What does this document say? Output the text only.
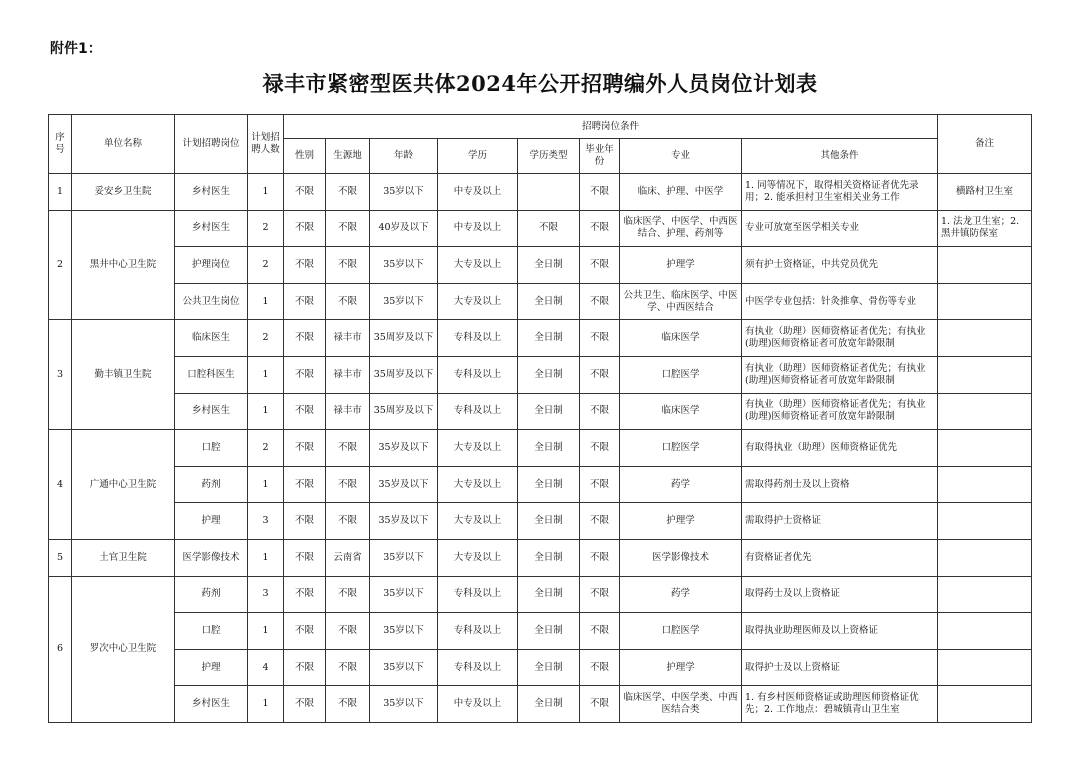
附件1：
禄丰市紧密型医共体2024年公开招聘编外人员岗位计划表
序号	单位名称	计划招聘岗位	计划招聘人数	招聘岗位条件								备注
				性别	生源地	年龄	学历	学历类型	毕业年份	专业	其他条件	
1	妥安乡卫生院	乡村医生	1	不限	不限	35岁以下	中专及以上		不限	临床、护理、中医学	1. 同等情况下，取得相关资格证者优先录用；2. 能承担村卫生室相关业务工作	横路村卫生室
2	黑井中心卫生院	乡村医生	2	不限	不限	40岁及以下	中专及以上	不限	不限	临床医学、中医学、中西医结合、护理、药剂等	专业可放宽至医学相关专业	1. 法龙卫生室；2. 黑井镇防保室
		护理岗位	2	不限	不限	35岁以下	大专及以上	全日制	不限	护理学	须有护士资格证，中共党员优先	
		公共卫生岗位	1	不限	不限	35岁以下	大专及以上	全日制	不限	公共卫生、临床医学、中医学、中西医结合	中医学专业包括：针灸推拿、骨伤等专业	
3	勤丰镇卫生院	临床医生	2	不限	禄丰市	35周岁及以下	专科及以上	全日制	不限	临床医学	有执业（助理）医师资格证者优先；有执业(助理)医师资格证者可放宽年龄限制	
		口腔科医生	1	不限	禄丰市	35周岁及以下	专科及以上	全日制	不限	口腔医学	有执业（助理）医师资格证者优先；有执业(助理)医师资格证者可放宽年龄限制	
		乡村医生	1	不限	禄丰市	35周岁及以下	专科及以上	全日制	不限	临床医学	有执业（助理）医师资格证者优先；有执业(助理)医师资格证者可放宽年龄限制	
4	广通中心卫生院	口腔	2	不限	不限	35岁及以下	大专及以上	全日制	不限	口腔医学	有取得执业（助理）医师资格证优先	
		药剂	1	不限	不限	35岁及以下	大专及以上	全日制	不限	药学	需取得药剂士及以上资格	
		护理	3	不限	不限	35岁及以下	大专及以上	全日制	不限	护理学	需取得护士资格证	
5	土官卫生院	医学影像技术	1	不限	云南省	35岁以下	大专及以上	全日制	不限	医学影像技术	有资格证者优先	
6	罗次中心卫生院	药剂	3	不限	不限	35岁以下	专科及以上	全日制	不限	药学	取得药士及以上资格证	
		口腔	1	不限	不限	35岁以下	专科及以上	全日制	不限	口腔医学	取得执业助理医师及以上资格证	
		护理	4	不限	不限	35岁以下	专科及以上	全日制	不限	护理学	取得护士及以上资格证	
		乡村医生	1	不限	不限	35岁以下	中专及以上	全日制	不限	临床医学、中医学类、中西医结合类	1. 有乡村医师资格证或助理医师资格证优先；2. 工作地点：碧城镇青山卫生室	
